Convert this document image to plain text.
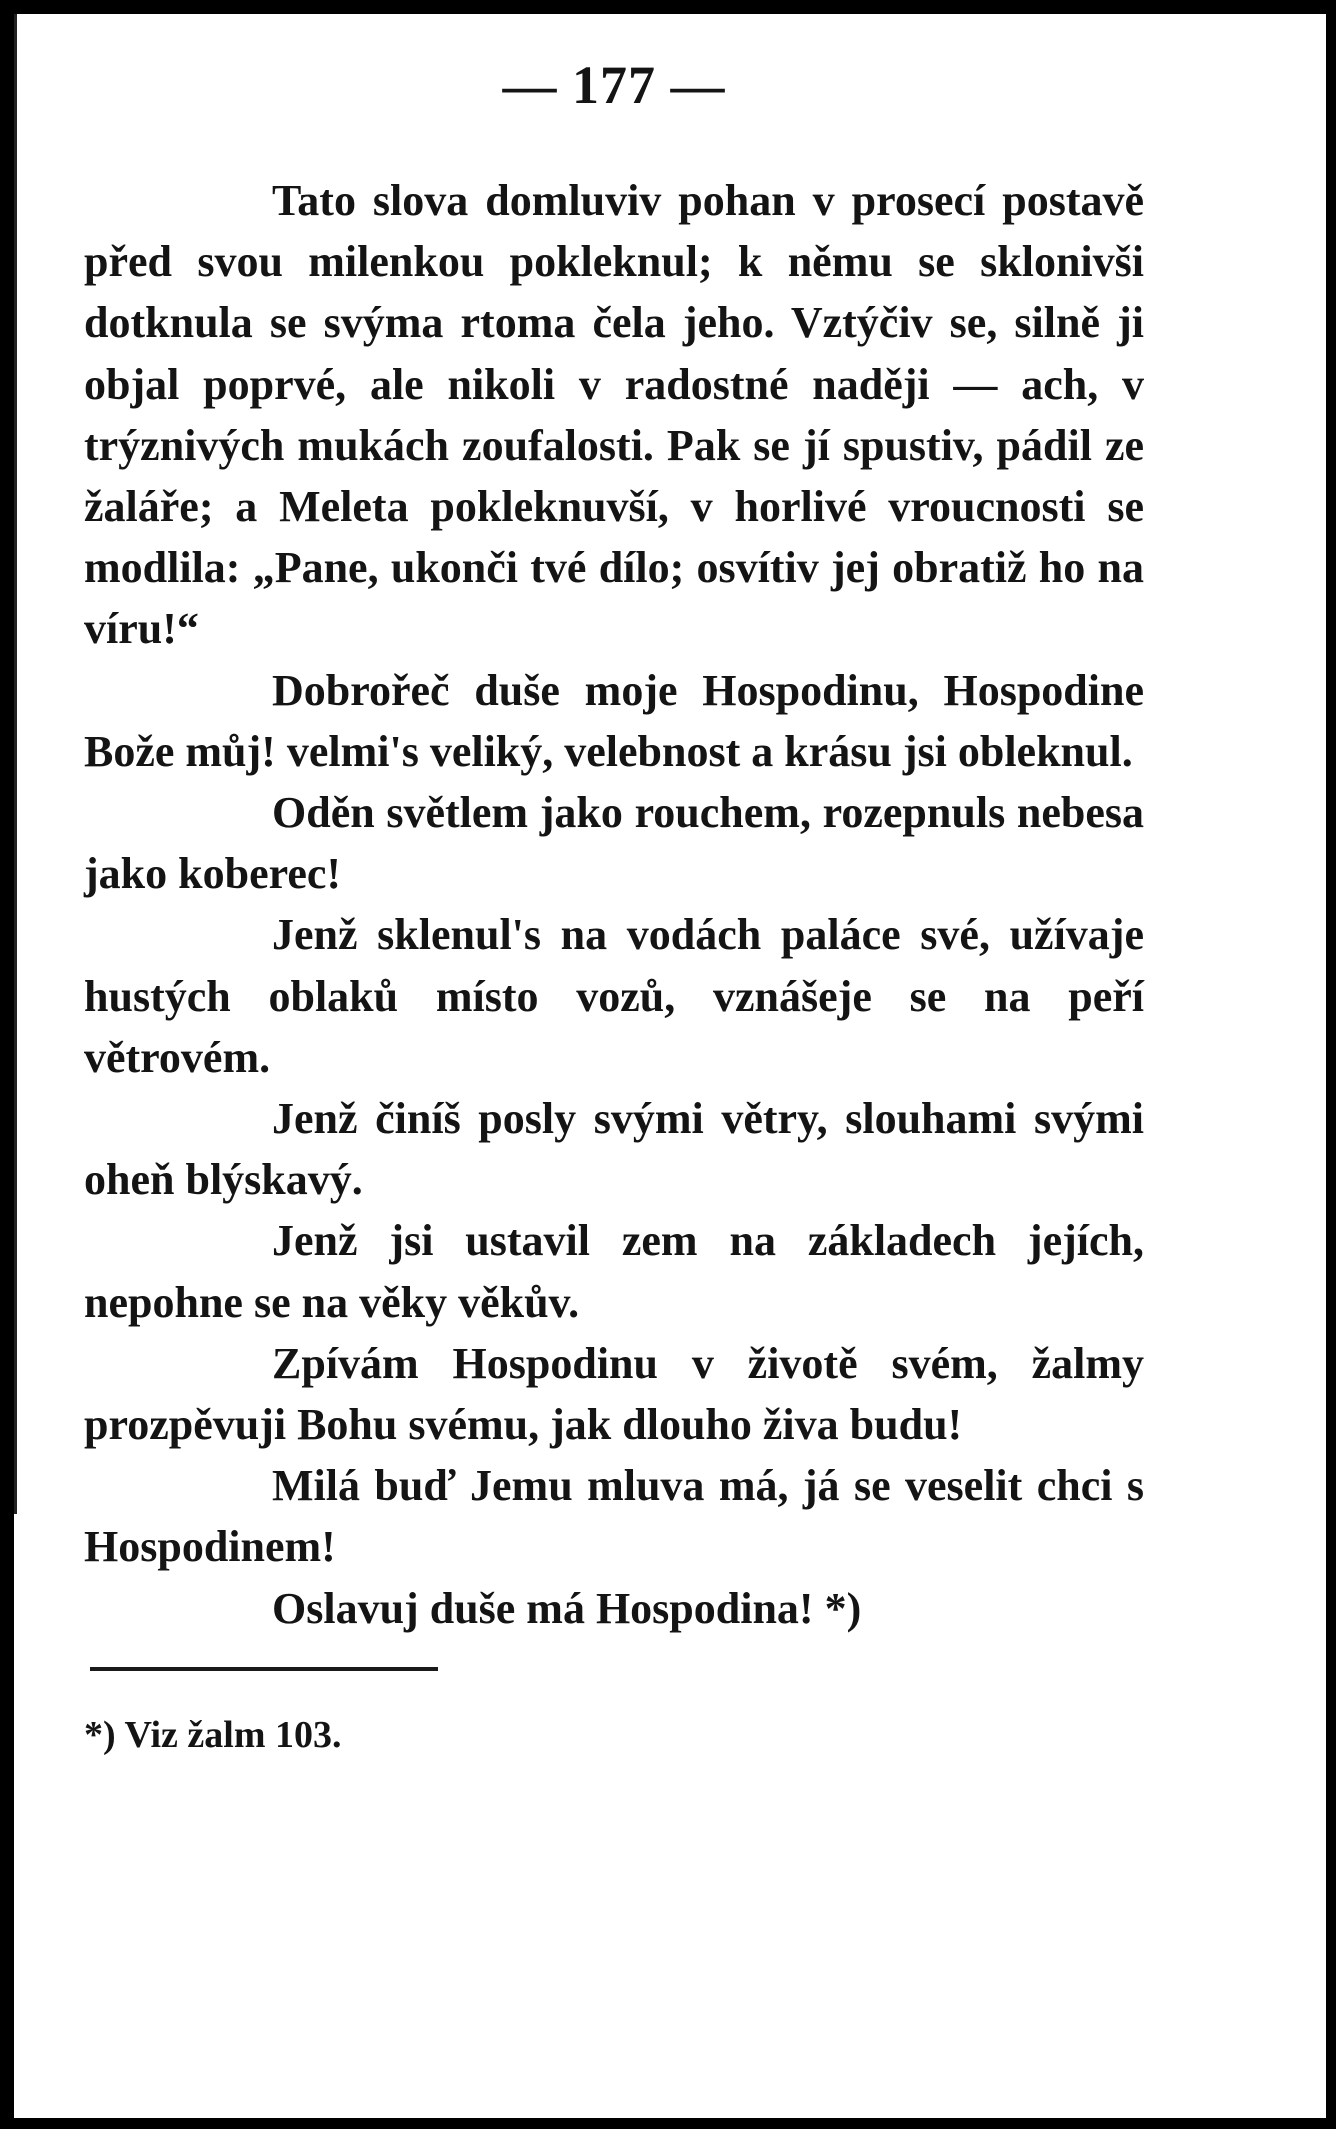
— 177 —

Tato slova domluviv pohan v prosecí postavě před svou milenkou pokleknul; k němu se sklonivši dotknula se svýma rtoma čela jeho. Vztýčiv se, silně ji objal poprvé, ale nikoli v radostné naději — ach, v trýznivých mukách zoufalosti. Pak se jí spustiv, pádil ze žaláře; a Meleta pokleknuvší, v horlivé vroucnosti se modlila: „Pane, ukonči tvé dílo; osvítiv jej obratiž ho na víru!“

Dobrořeč duše moje Hospodinu, Hospodine Bože můj! velmi's veliký, velebnost a krásu jsi obleknul.

Oděn světlem jako rouchem, rozepnuls nebesa jako koberec!

Jenž sklenul's na vodách paláce své, užívaje hustých oblaků místo vozů, vznášeje se na peří větrovém.

Jenž činíš posly svými větry, slouhami svými oheň blýskavý.

Jenž jsi ustavil zem na základech jejích, nepohne se na věky věkův.

Zpívám Hospodinu v životě svém, žalmy prozpěvuji Bohu svému, jak dlouho živa budu!

Milá buď Jemu mluva má, já se veselit chci s Hospodinem!

Oslavuj duše má Hospodina! *)

*) Viz žalm 103.
